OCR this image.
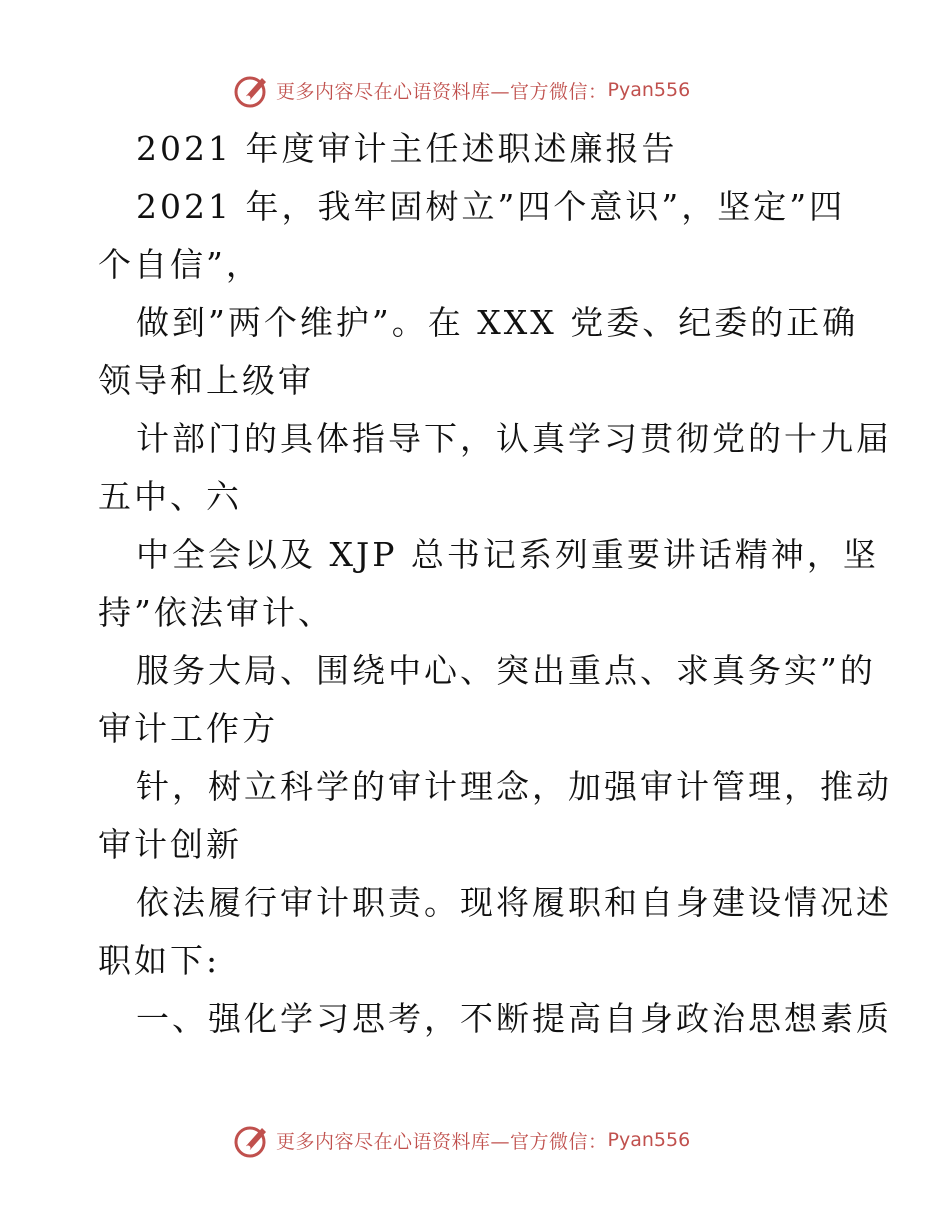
更多内容尽在心语资料库—官方微信： Pyan556
2021 年度审计主任述职述廉报告
2021 年，我牢固树立”四个意识”，坚定”四
个自信”，
做到”两个维护”。在 XXX 党委、纪委的正确
领导和上级审
计部门的具体指导下，认真学习贯彻党的十九届
五中、六
中全会以及 XJP 总书记系列重要讲话精神，坚
持”依法审计、
服务大局、围绕中心、突出重点、求真务实”的
审计工作方
针，树立科学的审计理念，加强审计管理，推动
审计创新
依法履行审计职责。现将履职和自身建设情况述
职如下:
一、强化学习思考，不断提高自身政治思想素质
更多内容尽在心语资料库—官方微信： Pyan556
